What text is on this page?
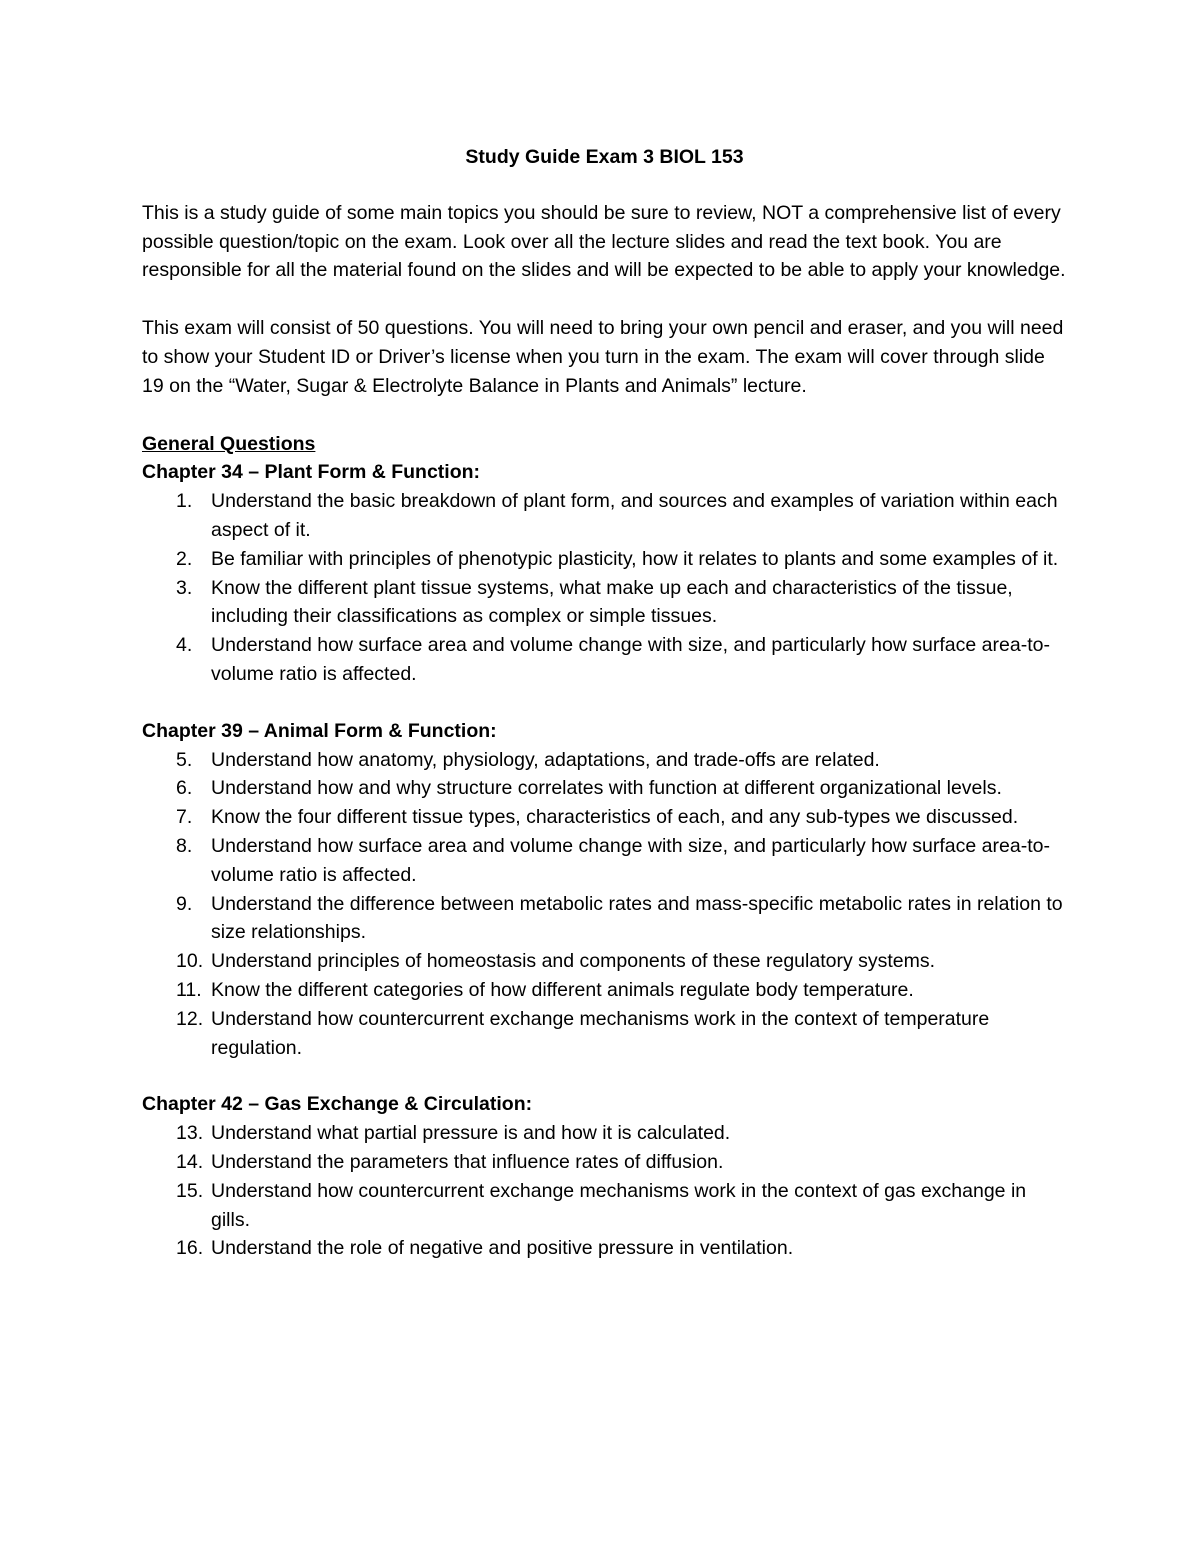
Study Guide Exam 3 BIOL 153

This is a study guide of some main topics you should be sure to review, NOT a comprehensive list of every possible question/topic on the exam. Look over all the lecture slides and read the text book. You are responsible for all the material found on the slides and will be expected to be able to apply your knowledge.

This exam will consist of 50 questions. You will need to bring your own pencil and eraser, and you will need to show your Student ID or Driver’s license when you turn in the exam. The exam will cover through slide 19 on the “Water, Sugar & Electrolyte Balance in Plants and Animals” lecture.

General Questions
Chapter 34 – Plant Form & Function:
1. Understand the basic breakdown of plant form, and sources and examples of variation within each aspect of it.
2. Be familiar with principles of phenotypic plasticity, how it relates to plants and some examples of it.
3. Know the different plant tissue systems, what make up each and characteristics of the tissue, including their classifications as complex or simple tissues.
4. Understand how surface area and volume change with size, and particularly how surface area-to-volume ratio is affected.
Chapter 39 – Animal Form & Function:
5. Understand how anatomy, physiology, adaptations, and trade-offs are related.
6. Understand how and why structure correlates with function at different organizational levels.
7. Know the four different tissue types, characteristics of each, and any sub-types we discussed.
8. Understand how surface area and volume change with size, and particularly how surface area-to-volume ratio is affected.
9. Understand the difference between metabolic rates and mass-specific metabolic rates in relation to size relationships.
10. Understand principles of homeostasis and components of these regulatory systems.
11. Know the different categories of how different animals regulate body temperature.
12. Understand how countercurrent exchange mechanisms work in the context of temperature regulation.
Chapter 42 – Gas Exchange & Circulation:
13. Understand what partial pressure is and how it is calculated.
14. Understand the parameters that influence rates of diffusion.
15. Understand how countercurrent exchange mechanisms work in the context of gas exchange in gills.
16. Understand the role of negative and positive pressure in ventilation.
